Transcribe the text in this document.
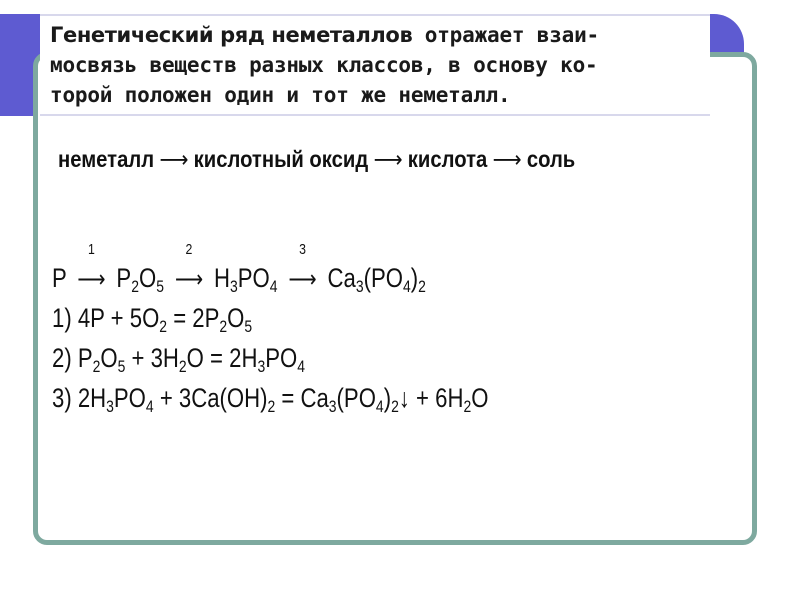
Генетический ряд неметаллов отражает взаи-
мосвязь веществ разных классов, в основу ко-
торой положен один и тот же неметалл.
неметалл ⟶ кислотный оксид ⟶ кислота ⟶ соль
P
1
⟶ $P_2O_5$
2
⟶ $H_3PO_4$
3
⟶ $Ca_3(PO_4)_2$
1) $4P + 5O_2 = 2P_2O_5$
2) $P_2O_5 + 3H_2O = 2H_3PO_4$
3) $2H_3PO_4 + 3Ca(OH)_2$ = $Ca_3(PO_4)_2↓ + 6H_2O$
